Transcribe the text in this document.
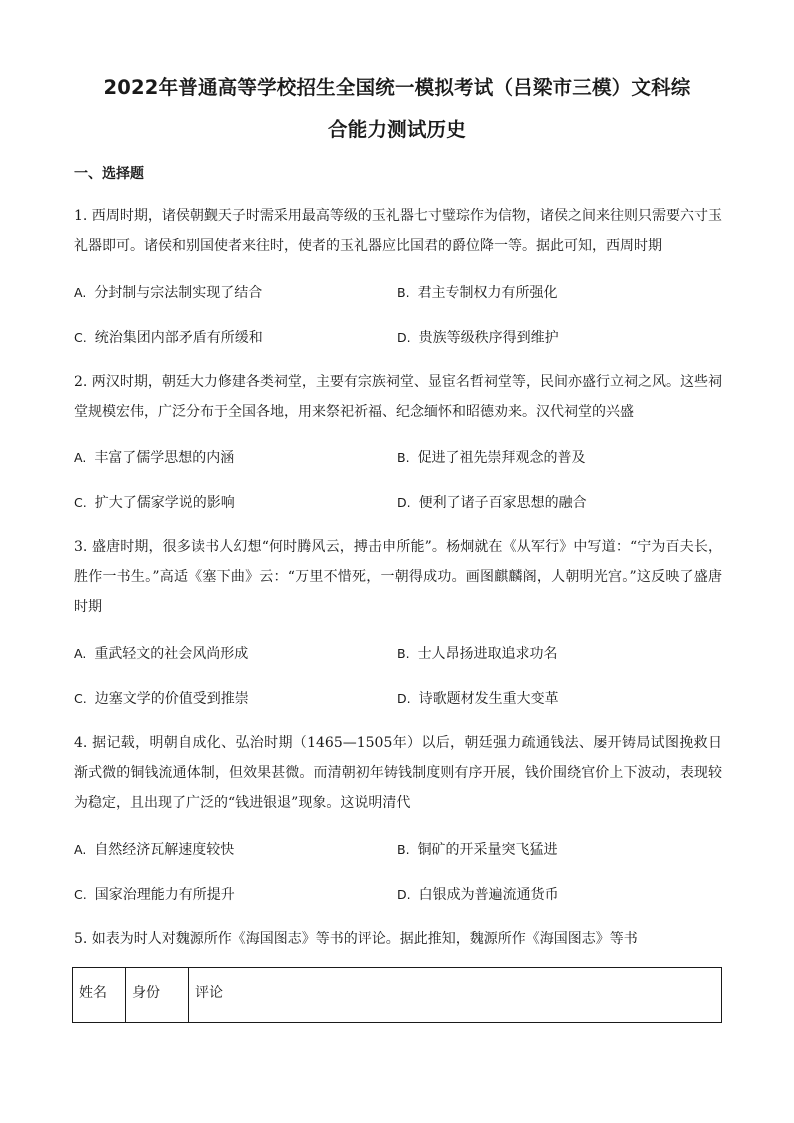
2022年普通高等学校招生全国统一模拟考试（吕梁市三模）文科综
合能力测试历史
一、选择题
1. 西周时期，诸侯朝觐天子时需采用最高等级的玉礼器七寸璧琮作为信物，诸侯之间来往则只需要六寸玉礼器即可。诸侯和别国使者来往时，使者的玉礼器应比国君的爵位降一等。据此可知，西周时期
A. 分封制与宗法制实现了结合	B. 君主专制权力有所强化
C. 统治集团内部矛盾有所缓和	D. 贵族等级秩序得到维护
2. 两汉时期，朝廷大力修建各类祠堂，主要有宗族祠堂、显宦名哲祠堂等，民间亦盛行立祠之风。这些祠堂规模宏伟，广泛分布于全国各地，用来祭祀祈福、纪念缅怀和昭德劝来。汉代祠堂的兴盛
A. 丰富了儒学思想的内涵	B. 促进了祖先崇拜观念的普及
C. 扩大了儒家学说的影响	D. 便利了诸子百家思想的融合
3. 盛唐时期，很多读书人幻想“何时腾风云，搏击申所能”。杨炯就在《从军行》中写道：“宁为百夫长，胜作一书生。”高适《塞下曲》云：“万里不惜死，一朝得成功。画图麒麟阁，人朝明光宫。”这反映了盛唐时期
A. 重武轻文的社会风尚形成	B. 士人昂扬进取追求功名
C. 边塞文学的价值受到推崇	D. 诗歌题材发生重大变革
4. 据记载，明朝自成化、弘治时期（1465—1505年）以后，朝廷强力疏通钱法、屡开铸局试图挽救日渐式微的铜钱流通体制，但效果甚微。而清朝初年铸钱制度则有序开展，钱价围绕官价上下波动，表现较为稳定，且出现了广泛的“钱进银退”现象。这说明清代
A. 自然经济瓦解速度较快	B. 铜矿的开采量突飞猛进
C. 国家治理能力有所提升	D. 白银成为普遍流通货币
5. 如表为时人对魏源所作《海国图志》等书的评论。据此推知，魏源所作《海国图志》等书
姓名	身份	评论
